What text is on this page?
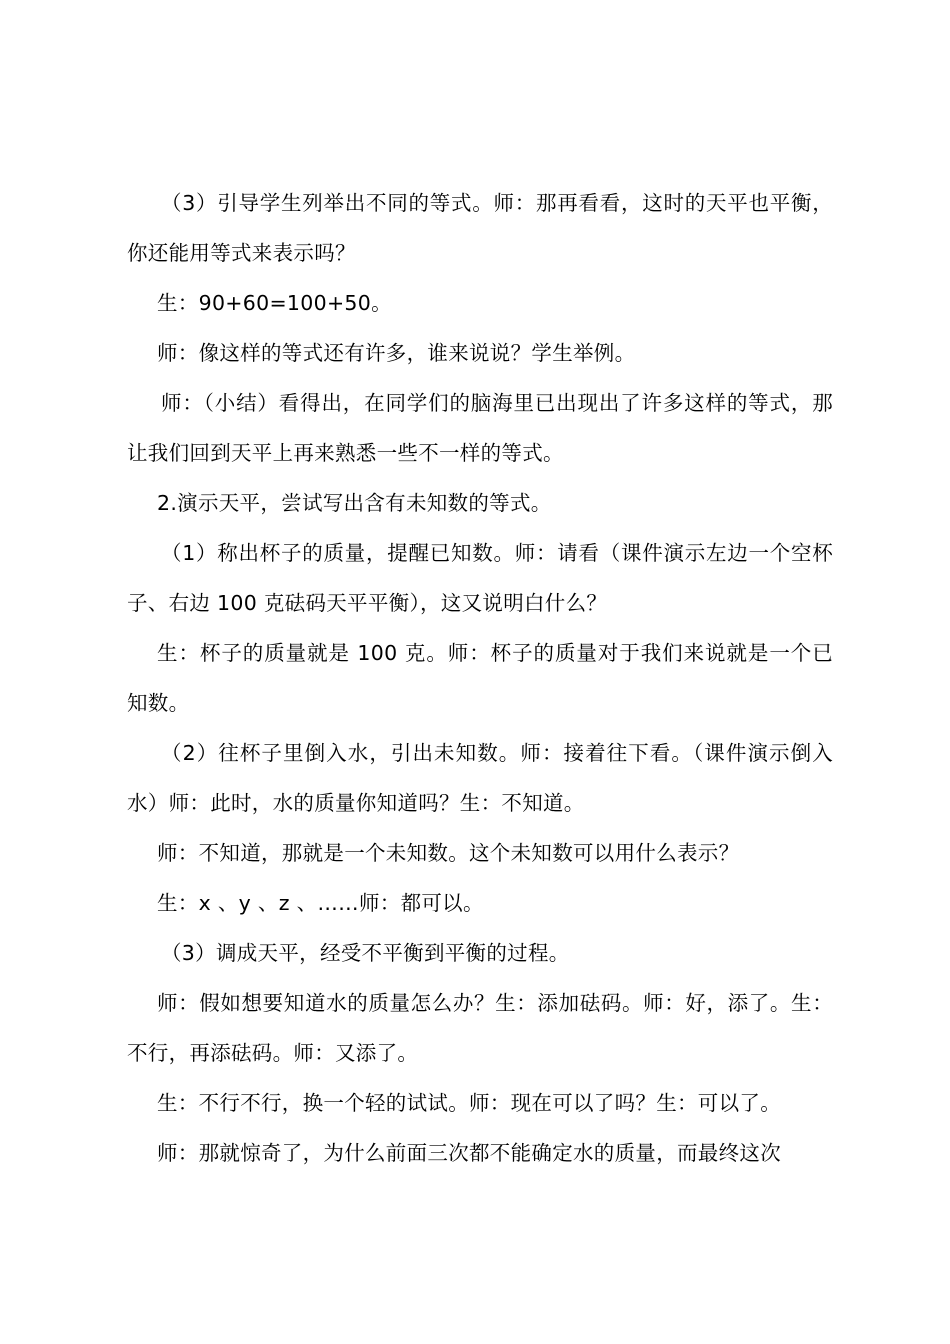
（3）引导学生列举出不同的等式。师：那再看看，这时的天平也平衡，你还能用等式来表示吗？

生：90+60=100+50。

师：像这样的等式还有许多，谁来说说？学生举例。

师：（小结）看得出，在同学们的脑海里已出现出了许多这样的等式，那让我们回到天平上再来熟悉一些不一样的等式。

2.演示天平，尝试写出含有未知数的等式。

（1）称出杯子的质量，提醒已知数。师：请看（课件演示左边一个空杯子、右边 100 克砝码天平平衡），这又说明白什么？

生：杯子的质量就是 100 克。师：杯子的质量对于我们来说就是一个已知数。

（2）往杯子里倒入水，引出未知数。师：接着往下看。（课件演示倒入水）师：此时，水的质量你知道吗？生：不知道。

师：不知道，那就是一个未知数。这个未知数可以用什么表示？

生：x 、y 、z 、……师：都可以。

（3）调成天平，经受不平衡到平衡的过程。

师：假如想要知道水的质量怎么办？生：添加砝码。师：好，添了。生：不行，再添砝码。师：又添了。

生：不行不行，换一个轻的试试。师：现在可以了吗？生：可以了。

师：那就惊奇了，为什么前面三次都不能确定水的质量，而最终这次
